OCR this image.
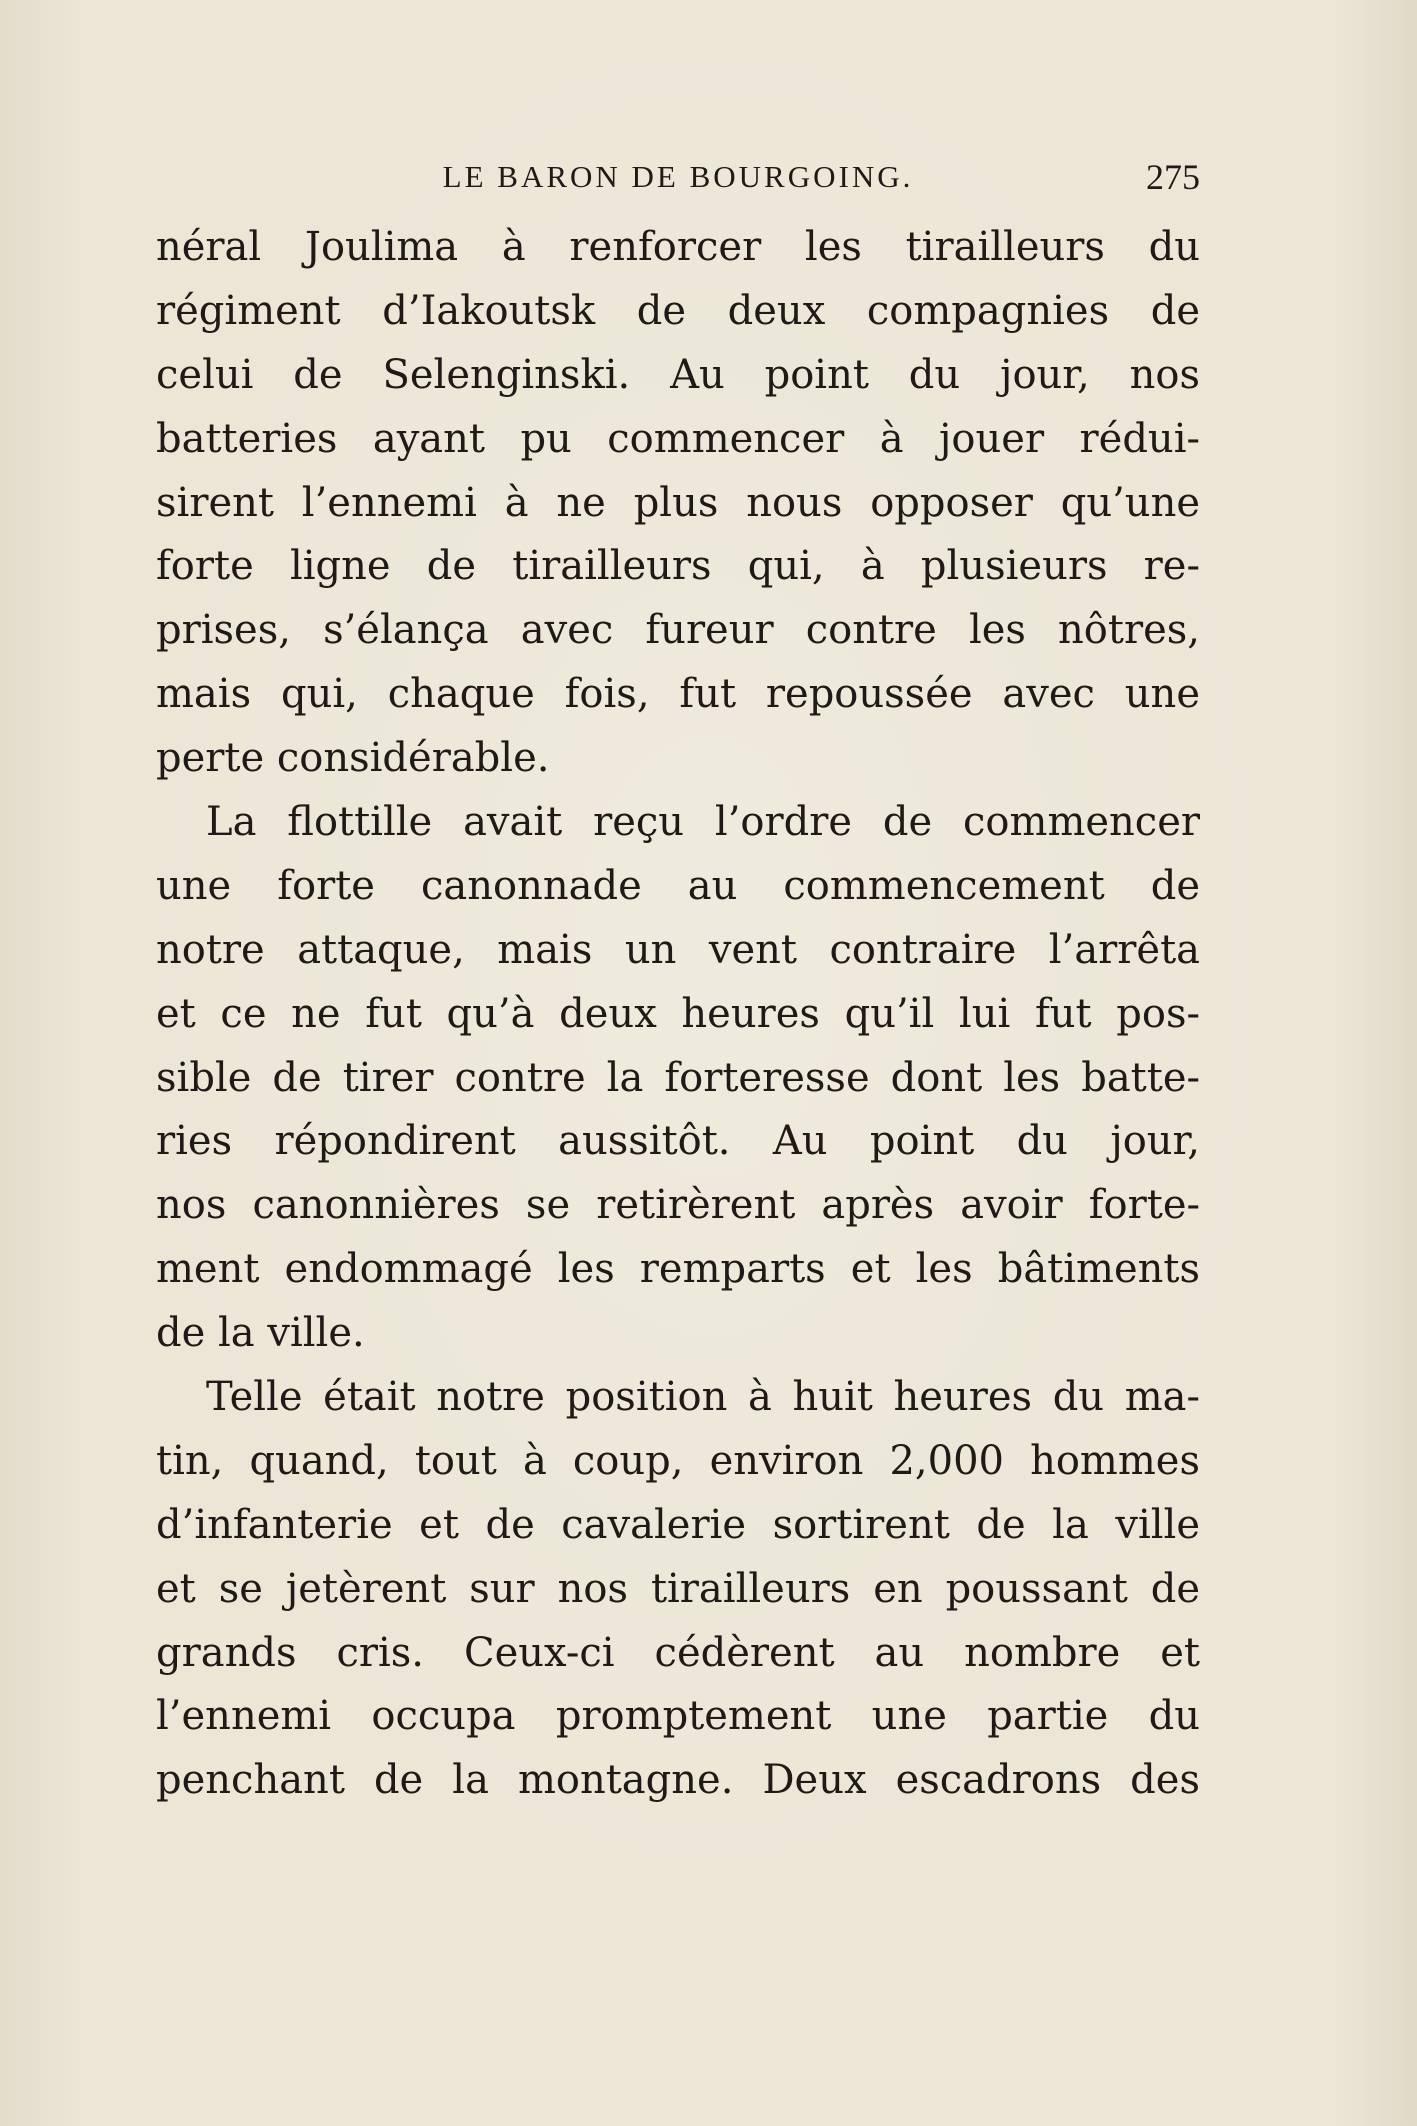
LE BARON DE BOURGOING.	275
néral Joulima à renforcer les tirailleurs du
régiment d’Iakoutsk de deux compagnies de
celui de Selenginski. Au point du jour, nos
batteries ayant pu commencer à jouer rédui-
sirent l’ennemi à ne plus nous opposer qu’une
forte ligne de tirailleurs qui, à plusieurs re-
prises, s’élança avec fureur contre les nôtres,
mais qui, chaque fois, fut repoussée avec une
perte considérable.
La flottille avait reçu l’ordre de commencer
une forte canonnade au commencement de
notre attaque, mais un vent contraire l’arrêta
et ce ne fut qu’à deux heures qu’il lui fut pos-
sible de tirer contre la forteresse dont les batte-
ries répondirent aussitôt. Au point du jour,
nos canonnières se retirèrent après avoir forte-
ment endommagé les remparts et les bâtiments
de la ville.
Telle était notre position à huit heures du ma-
tin, quand, tout à coup, environ 2,000 hommes
d’infanterie et de cavalerie sortirent de la ville
et se jetèrent sur nos tirailleurs en poussant de
grands cris. Ceux-ci cédèrent au nombre et
l’ennemi occupa promptement une partie du
penchant de la montagne. Deux escadrons des
